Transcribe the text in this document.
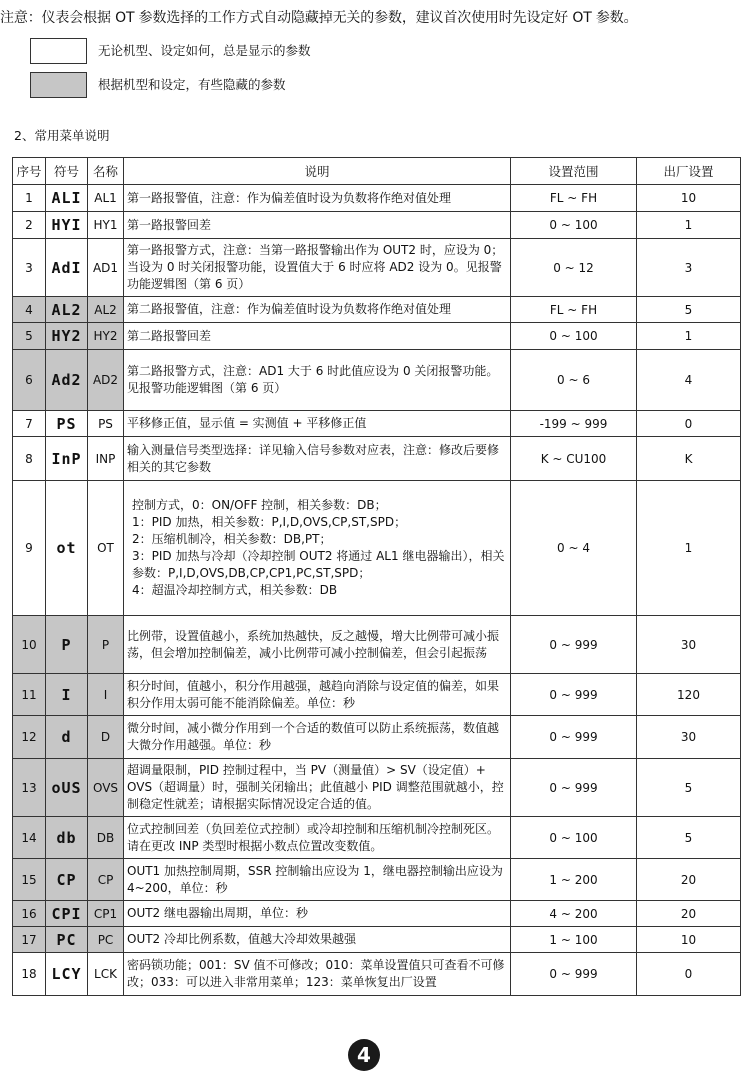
注意：仪表会根据 OT 参数选择的工作方式自动隐藏掉无关的参数，建议首次使用时先设定好 OT 参数。
无论机型、设定如何，总是显示的参数
根据机型和设定，有些隐藏的参数
2、常用菜单说明
序号	符号	名称	说明	设置范围	出厂设置
1	ALI	AL1	第一路报警值，注意：作为偏差值时设为负数将作绝对值处理	FL ~ FH	10
2	HYI	HY1	第一路报警回差	0 ~ 100	1
3	AdI	AD1	第一路报警方式，注意：当第一路报警输出作为 OUT2 时，应设为 0；当设为 0 时关闭报警功能，设置值大于 6 时应将 AD2 设为 0。见报警功能逻辑图（第 6 页）	0 ~ 12	3
4	AL2	AL2	第二路报警值，注意：作为偏差值时设为负数将作绝对值处理	FL ~ FH	5
5	HY2	HY2	第二路报警回差	0 ~ 100	1
6	Ad2	AD2	第二路报警方式，注意：AD1 大于 6 时此值应设为 0 关闭报警功能。见报警功能逻辑图（第 6 页）	0 ~ 6	4
7	PS	PS	平移修正值，显示值 = 实测值 + 平移修正值	-199 ~ 999	0
8	InP	INP	输入测量信号类型选择：详见输入信号参数对应表，注意：修改后要修相关的其它参数	K ~ CU100	K
9	ot	OT	控制方式，0：ON/OFF 控制，相关参数：DB；
1：PID 加热，相关参数：P,I,D,OVS,CP,ST,SPD；
2：压缩机制冷，相关参数：DB,PT；
3：PID 加热与冷却（冷却控制 OUT2 将通过 AL1 继电器输出），相关参数：P,I,D,OVS,DB,CP,CP1,PC,ST,SPD；
4：超温冷却控制方式，相关参数：DB	0 ~ 4	1
10	P	P	比例带，设置值越小，系统加热越快，反之越慢，增大比例带可减小振荡，但会增加控制偏差，减小比例带可减小控制偏差，但会引起振荡	0 ~ 999	30
11	I	I	积分时间，值越小，积分作用越强，越趋向消除与设定值的偏差，如果积分作用太弱可能不能消除偏差。单位：秒	0 ~ 999	120
12	d	D	微分时间，减小微分作用到一个合适的数值可以防止系统振荡，数值越大微分作用越强。单位：秒	0 ~ 999	30
13	oUS	OVS	超调量限制，PID 控制过程中，当 PV（测量值）> SV（设定值）+ OVS（超调量）时，强制关闭输出；此值越小 PID 调整范围就越小，控制稳定性就差；请根据实际情况设定合适的值。	0 ~ 999	5
14	db	DB	位式控制回差（负回差位式控制）或冷却控制和压缩机制冷控制死区。请在更改 INP 类型时根据小数点位置改变数值。	0 ~ 100	5
15	CP	CP	OUT1 加热控制周期，SSR 控制输出应设为 1，继电器控制输出应设为 4~200，单位：秒	1 ~ 200	20
16	CPI	CP1	OUT2 继电器输出周期，单位：秒	4 ~ 200	20
17	PC	PC	OUT2 冷却比例系数，值越大冷却效果越强	1 ~ 100	10
18	LCY	LCK	密码锁功能；001：SV 值不可修改；010：菜单设置值只可查看不可修改；033：可以进入非常用菜单；123：菜单恢复出厂设置	0 ~ 999	0
4
